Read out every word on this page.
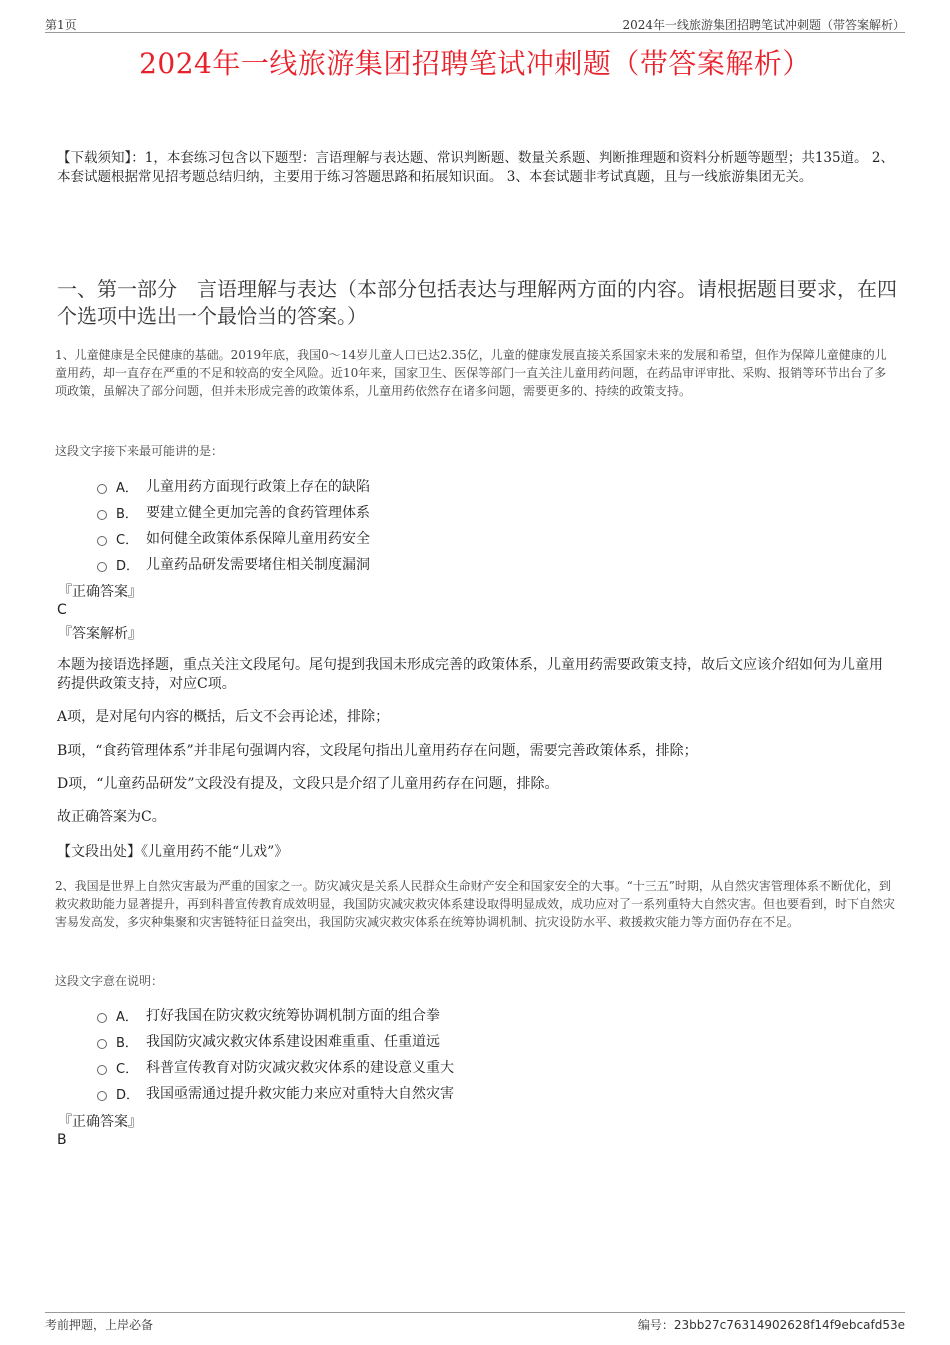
第1页	2024年一线旅游集团招聘笔试冲刺题（带答案解析）
2024年一线旅游集团招聘笔试冲刺题（带答案解析）
【下载须知】：1，本套练习包含以下题型：言语理解与表达题、常识判断题、数量关系题、判断推理题和资料分析题等题型；共135道。 2、本套试题根据常见招考题总结归纳，主要用于练习答题思路和拓展知识面。 3、本套试题非考试真题，且与一线旅游集团无关。
一、第一部分　言语理解与表达（本部分包括表达与理解两方面的内容。请根据题目要求，在四个选项中选出一个最恰当的答案。）
1、儿童健康是全民健康的基础。2019年底，我国0～14岁儿童人口已达2.35亿，儿童的健康发展直接关系国家未来的发展和希望，但作为保障儿童健康的儿童用药，却一直存在严重的不足和较高的安全风险。近10年来，国家卫生、医保等部门一直关注儿童用药问题，在药品审评审批、采购、报销等环节出台了多项政策，虽解决了部分问题，但并未形成完善的政策体系，儿童用药依然存在诸多问题，需要更多的、持续的政策支持。
这段文字接下来最可能讲的是：
A． 儿童用药方面现行政策上存在的缺陷
B． 要建立健全更加完善的食药管理体系
C． 如何健全政策体系保障儿童用药安全
D． 儿童药品研发需要堵住相关制度漏洞
『正确答案』
C
『答案解析』
本题为接语选择题，重点关注文段尾句。尾句提到我国未形成完善的政策体系，儿童用药需要政策支持，故后文应该介绍如何为儿童用药提供政策支持，对应C项。
A项，是对尾句内容的概括，后文不会再论述，排除；
B项，“食药管理体系”并非尾句强调内容，文段尾句指出儿童用药存在问题，需要完善政策体系，排除；
D项，“儿童药品研发”文段没有提及，文段只是介绍了儿童用药存在问题，排除。
故正确答案为C。
【文段出处】《儿童用药不能“儿戏”》
2、我国是世界上自然灾害最为严重的国家之一。防灾减灾是关系人民群众生命财产安全和国家安全的大事。“十三五”时期，从自然灾害管理体系不断优化，到救灾救助能力显著提升，再到科普宣传教育成效明显，我国防灾减灾救灾体系建设取得明显成效，成功应对了一系列重特大自然灾害。但也要看到，时下自然灾害易发高发，多灾种集聚和灾害链特征日益突出，我国防灾减灾救灾体系在统筹协调机制、抗灾设防水平、救援救灾能力等方面仍存在不足。
这段文字意在说明：
A． 打好我国在防灾救灾统筹协调机制方面的组合拳
B． 我国防灾减灾救灾体系建设困难重重、任重道远
C． 科普宣传教育对防灾减灾救灾体系的建设意义重大
D． 我国亟需通过提升救灾能力来应对重特大自然灾害
『正确答案』
B
考前押题，上岸必备	编号：23bb27c76314902628f14f9ebcafd53e
